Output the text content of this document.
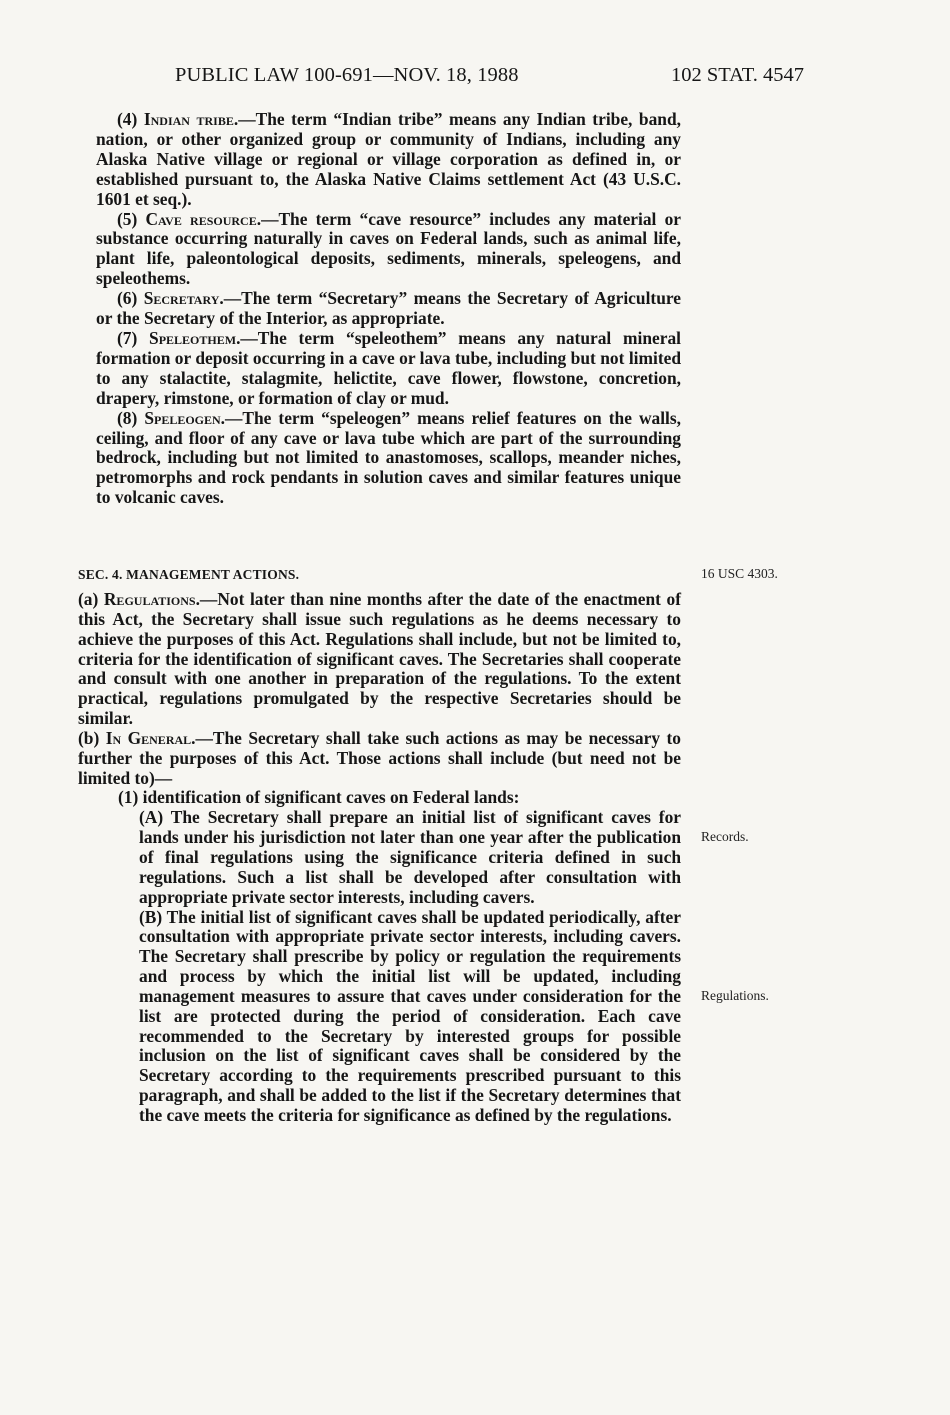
PUBLIC LAW 100-691—NOV. 18, 1988	102 STAT. 4547

(4) Indian tribe.—The term “Indian tribe” means any Indian tribe, band, nation, or other organized group or community of Indians, including any Alaska Native village or regional or village corporation as defined in, or established pursuant to, the Alaska Native Claims settlement Act (43 U.S.C. 1601 et seq.).

(5) Cave resource.—The term “cave resource” includes any material or substance occurring naturally in caves on Federal lands, such as animal life, plant life, paleontological deposits, sediments, minerals, speleogens, and speleothems.

(6) Secretary.—The term “Secretary” means the Secretary of Agriculture or the Secretary of the Interior, as appropriate.

(7) Speleothem.—The term “speleothem” means any natural mineral formation or deposit occurring in a cave or lava tube, including but not limited to any stalactite, stalagmite, helictite, cave flower, flowstone, concretion, drapery, rimstone, or formation of clay or mud.

(8) Speleogen.—The term “speleogen” means relief features on the walls, ceiling, and floor of any cave or lava tube which are part of the surrounding bedrock, including but not limited to anastomoses, scallops, meander niches, petromorphs and rock pendants in solution caves and similar features unique to volcanic caves.

SEC. 4. MANAGEMENT ACTIONS.	16 USC 4303.

(a) Regulations.—Not later than nine months after the date of the enactment of this Act, the Secretary shall issue such regulations as he deems necessary to achieve the purposes of this Act. Regulations shall include, but not be limited to, criteria for the identification of significant caves. The Secretaries shall cooperate and consult with one another in preparation of the regulations. To the extent practical, regulations promulgated by the respective Secretaries should be similar.

(b) In General.—The Secretary shall take such actions as may be necessary to further the purposes of this Act. Those actions shall include (but need not be limited to)—

(1) identification of significant caves on Federal lands:

(A) The Secretary shall prepare an initial list of significant caves for lands under his jurisdiction not later than one year after the publication of final regulations using the significance criteria defined in such regulations. Such a list shall be developed after consultation with appropriate private sector interests, including cavers.

(B) The initial list of significant caves shall be updated periodically, after consultation with appropriate private sector interests, including cavers. The Secretary shall prescribe by policy or regulation the requirements and process by which the initial list will be updated, including management measures to assure that caves under consideration for the list are protected during the period of consideration. Each cave recommended to the Secretary by interested groups for possible inclusion on the list of significant caves shall be considered by the Secretary according to the requirements prescribed pursuant to this paragraph, and shall be added to the list if the Secretary determines that the cave meets the criteria for significance as defined by the regulations.

Records.
Regulations.
